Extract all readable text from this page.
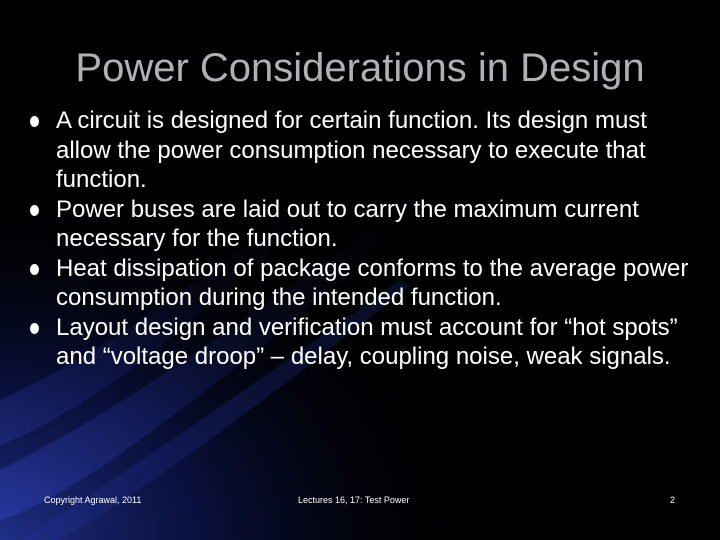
Power Considerations in Design
A circuit is designed for certain function. Its design must allow the power consumption necessary to execute that function.
Power buses are laid out to carry the maximum current necessary for the function.
Heat dissipation of package conforms to the average power consumption during the intended function.
Layout design and verification must account for “hot spots” and “voltage droop” – delay, coupling noise, weak signals.
Copyright Agrawal, 2011	Lectures 16, 17: Test Power	2
